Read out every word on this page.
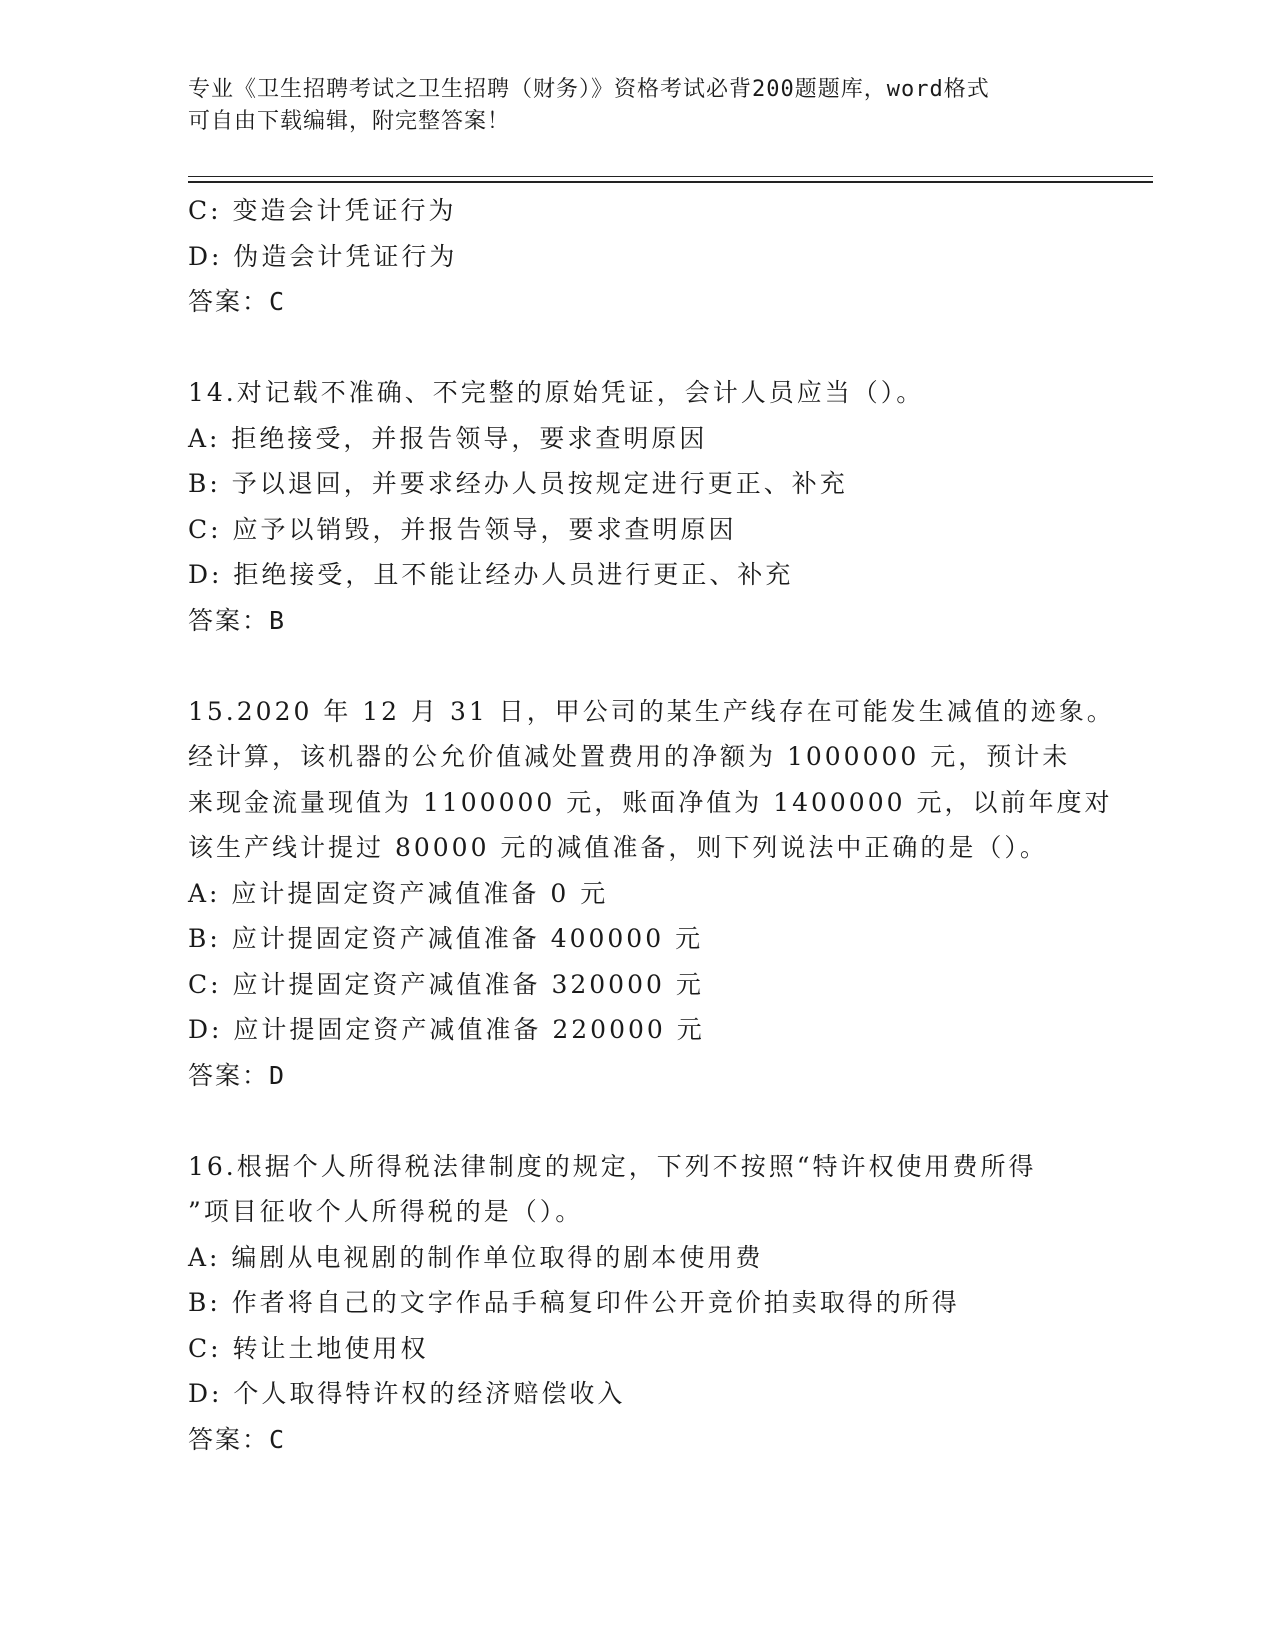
专业《卫生招聘考试之卫生招聘（财务）》资格考试必背200题题库，word格式
可自由下载编辑，附完整答案！
C: 变造会计凭证行为
D: 伪造会计凭证行为
答案：C
14.对记载不准确、不完整的原始凭证，会计人员应当（）。
A: 拒绝接受，并报告领导，要求查明原因
B: 予以退回，并要求经办人员按规定进行更正、补充
C: 应予以销毁，并报告领导，要求查明原因
D: 拒绝接受，且不能让经办人员进行更正、补充
答案：B
15.2020 年 12 月 31 日，甲公司的某生产线存在可能发生减值的迹象。
经计算，该机器的公允价值减处置费用的净额为 1000000 元，预计未
来现金流量现值为 1100000 元，账面净值为 1400000 元，以前年度对
该生产线计提过 80000 元的减值准备，则下列说法中正确的是（）。
A: 应计提固定资产减值准备 0 元
B: 应计提固定资产减值准备 400000 元
C: 应计提固定资产减值准备 320000 元
D: 应计提固定资产减值准备 220000 元
答案：D
16.根据个人所得税法律制度的规定，下列不按照“特许权使用费所得
”项目征收个人所得税的是（）。
A: 编剧从电视剧的制作单位取得的剧本使用费
B: 作者将自己的文字作品手稿复印件公开竞价拍卖取得的所得
C: 转让土地使用权
D: 个人取得特许权的经济赔偿收入
答案：C
